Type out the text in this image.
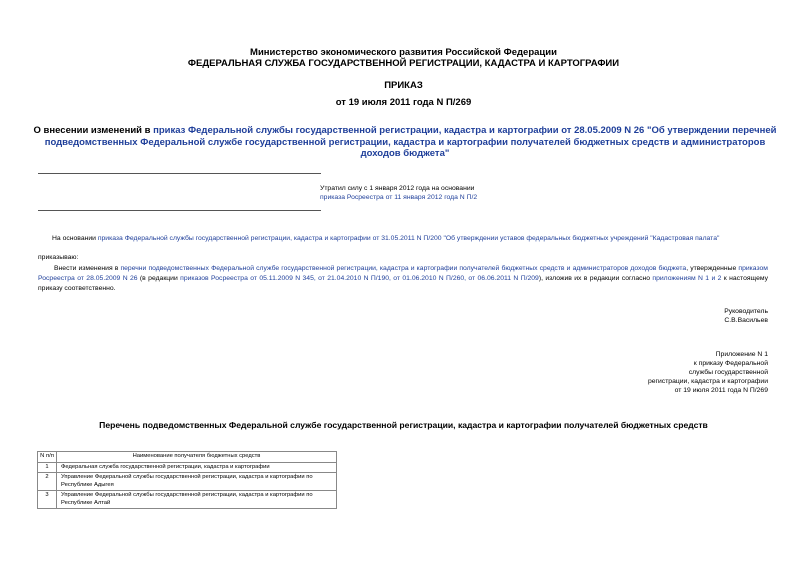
Министерство экономического развития Российской Федерации
ФЕДЕРАЛЬНАЯ СЛУЖБА ГОСУДАРСТВЕННОЙ РЕГИСТРАЦИИ, КАДАСТРА И КАРТОГРАФИИ
ПРИКАЗ
от 19 июля 2011 года N П/269
О внесении изменений в приказ Федеральной службы государственной регистрации, кадастра и картографии от 28.05.2009 N 26 "Об утверждении перечней подведомственных Федеральной службе государственной регистрации, кадастра и картографии получателей бюджетных средств и администраторов доходов бюджета"
Утратил силу с 1 января 2012 года на основании
приказа Росреестра от 11 января 2012 года N П/2
На основании приказа Федеральной службы государственной регистрации, кадастра и картографии от 31.05.2011 N П/200 "Об утверждении уставов федеральных бюджетных учреждений "Кадастровая палата"
приказываю:
Внести изменения в перечни подведомственных Федеральной службе государственной регистрации, кадастра и картографии получателей бюджетных средств и администраторов доходов бюджета, утвержденные приказом Росреестра от 28.05.2009 N 26 (в редакции приказов Росреестра от 05.11.2009 N 345, от 21.04.2010 N П/190, от 01.06.2010 N П/260, от 06.06.2011 N П/209), изложив их в редакции согласно приложениям N 1 и 2 к настоящему приказу соответственно.
Руководитель
С.В.Васильев
Приложение N 1
к приказу Федеральной
службы государственной
регистрации, кадастра и картографии
от 19 июля 2011 года N П/269
Перечень подведомственных Федеральной службе государственной регистрации, кадастра и картографии получателей бюджетных средств
N п/п	Наименование получателя бюджетных средств
1	Федеральная служба государственной регистрации, кадастра и картографии
2	Управление Федеральной службы государственной регистрации, кадастра и картографии по Республике Адыгея
3	Управление Федеральной службы государственной регистрации, кадастра и картографии по Республике Алтай
